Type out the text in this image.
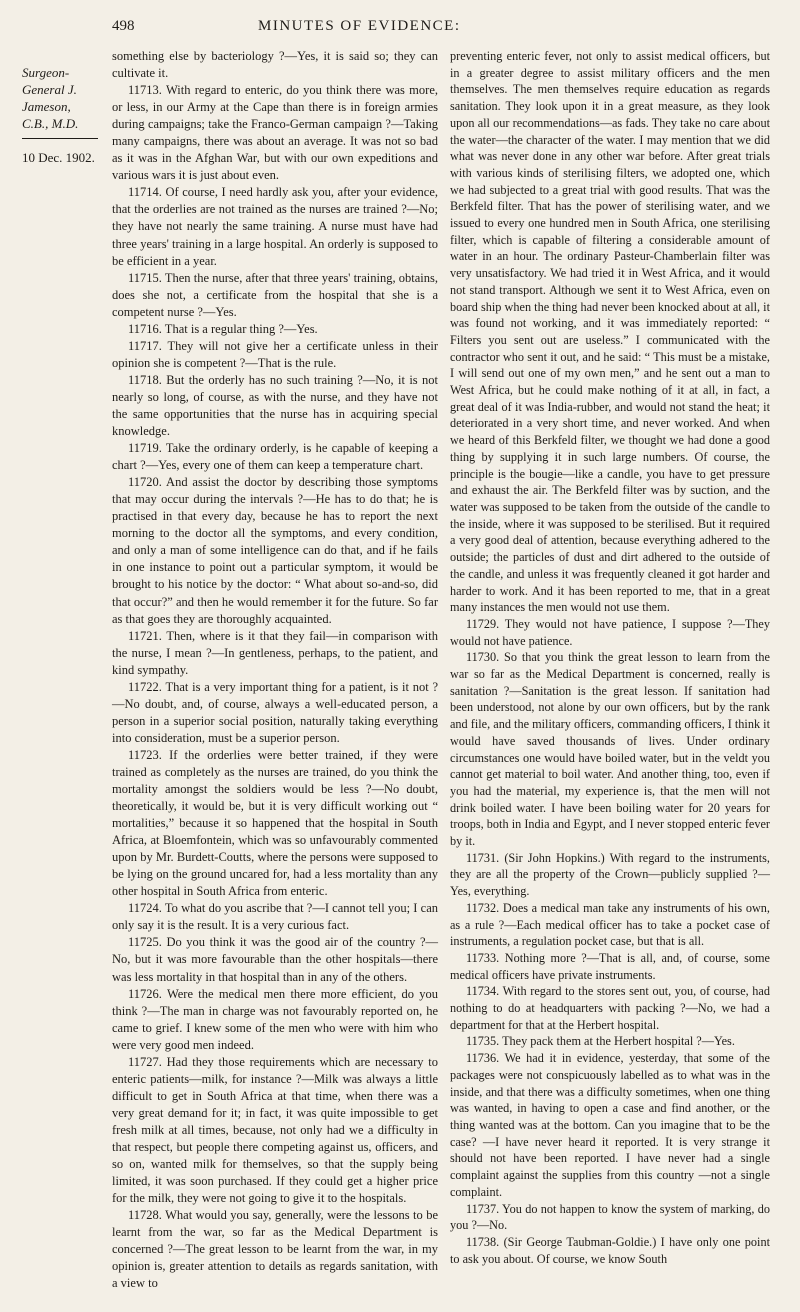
498	MINUTES OF EVIDENCE:
Surgeon-
General J.
Jameson,
C.B., M.D.
10 Dec. 1902.

something else by bacteriology ?—Yes, it is said so; they can cultivate it.

11713. With regard to enteric, do you think there was more, or less, in our Army at the Cape than there is in foreign armies during campaigns; take the Franco-German campaign ?—Taking many campaigns, there was about an average. It was not so bad as it was in the Afghan War, but with our own expeditions and various wars it is just about even.

11714. Of course, I need hardly ask you, after your evidence, that the orderlies are not trained as the nurses are trained ?—No; they have not nearly the same training. A nurse must have had three years' training in a large hospital. An orderly is supposed to be efficient in a year.

11715. Then the nurse, after that three years' training, obtains, does she not, a certificate from the hospital that she is a competent nurse ?—Yes.

11716. That is a regular thing ?—Yes.

11717. They will not give her a certificate unless in their opinion she is competent ?—That is the rule.

11718. But the orderly has no such training ?—No, it is not nearly so long, of course, as with the nurse, and they have not the same opportunities that the nurse has in acquiring special knowledge.

11719. Take the ordinary orderly, is he capable of keeping a chart ?—Yes, every one of them can keep a temperature chart.

11720. And assist the doctor by describing those symptoms that may occur during the intervals ?—He has to do that; he is practised in that every day, because he has to report the next morning to the doctor all the symptoms, and every condition, and only a man of some intelligence can do that, and if he fails in one instance to point out a particular symptom, it would be brought to his notice by the doctor: “ What about so-and-so, did that occur?” and then he would remember it for the future. So far as that goes they are thoroughly acquainted.

11721. Then, where is it that they fail—in comparison with the nurse, I mean ?—In gentleness, perhaps, to the patient, and kind sympathy.

11722. That is a very important thing for a patient, is it not ?—No doubt, and, of course, always a well-educated person, a person in a superior social position, naturally taking everything into consideration, must be a superior person.

11723. If the orderlies were better trained, if they were trained as completely as the nurses are trained, do you think the mortality amongst the soldiers would be less ?—No doubt, theoretically, it would be, but it is very difficult working out “ mortalities,” because it so happened that the hospital in South Africa, at Bloemfontein, which was so unfavourably commented upon by Mr. Burdett-Coutts, where the persons were supposed to be lying on the ground uncared for, had a less mortality than any other hospital in South Africa from enteric.

11724. To what do you ascribe that ?—I cannot tell you; I can only say it is the result. It is a very curious fact.

11725. Do you think it was the good air of the country ?—No, but it was more favourable than the other hospitals—there was less mortality in that hospital than in any of the others.

11726. Were the medical men there more efficient, do you think ?—The man in charge was not favourably reported on, he came to grief. I knew some of the men who were with him who were very good men indeed.

11727. Had they those requirements which are necessary to enteric patients—milk, for instance ?—Milk was always a little difficult to get in South Africa at that time, when there was a very great demand for it; in fact, it was quite impossible to get fresh milk at all times, because, not only had we a difficulty in that respect, but people there competing against us, officers, and so on, wanted milk for themselves, so that the supply being limited, it was soon purchased. If they could get a higher price for the milk, they were not going to give it to the hospitals.

11728. What would you say, generally, were the lessons to be learnt from the war, so far as the Medical Department is concerned ?—The great lesson to be learnt from the war, in my opinion is, greater attention to details as regards sanitation, with a view to

preventing enteric fever, not only to assist medical officers, but in a greater degree to assist military officers and the men themselves. The men themselves require education as regards sanitation. They look upon it in a great measure, as they look upon all our recommendations—as fads. They take no care about the water—the character of the water. I may mention that we did what was never done in any other war before. After great trials with various kinds of sterilising filters, we adopted one, which we had subjected to a great trial with good results. That was the Berkfeld filter. That has the power of sterilising water, and we issued to every one hundred men in South Africa, one sterilising filter, which is capable of filtering a considerable amount of water in an hour. The ordinary Pasteur-Chamberlain filter was very unsatisfactory. We had tried it in West Africa, and it would not stand transport. Although we sent it to West Africa, even on board ship when the thing had never been knocked about at all, it was found not working, and it was immediately reported: “ Filters you sent out are useless.” I communicated with the contractor who sent it out, and he said: “ This must be a mistake, I will send out one of my own men,” and he sent out a man to West Africa, but he could make nothing of it at all, in fact, a great deal of it was India-rubber, and would not stand the heat; it deteriorated in a very short time, and never worked. And when we heard of this Berkfeld filter, we thought we had done a good thing by supplying it in such large numbers. Of course, the principle is the bougie—like a candle, you have to get pressure and exhaust the air. The Berkfeld filter was by suction, and the water was supposed to be taken from the outside of the candle to the inside, where it was supposed to be sterilised. But it required a very good deal of attention, because everything adhered to the outside; the particles of dust and dirt adhered to the outside of the candle, and unless it was frequently cleaned it got harder and harder to work. And it has been reported to me, that in a great many instances the men would not use them.

11729. They would not have patience, I suppose ?—They would not have patience.

11730. So that you think the great lesson to learn from the war so far as the Medical Department is concerned, really is sanitation ?—Sanitation is the great lesson. If sanitation had been understood, not alone by our own officers, but by the rank and file, and the military officers, commanding officers, I think it would have saved thousands of lives. Under ordinary circumstances one would have boiled water, but in the veldt you cannot get material to boil water. And another thing, too, even if you had the material, my experience is, that the men will not drink boiled water. I have been boiling water for 20 years for troops, both in India and Egypt, and I never stopped enteric fever by it.

11731. (Sir John Hopkins.) With regard to the instruments, they are all the property of the Crown—publicly supplied ?—Yes, everything.

11732. Does a medical man take any instruments of his own, as a rule ?—Each medical officer has to take a pocket case of instruments, a regulation pocket case, but that is all.

11733. Nothing more ?—That is all, and, of course, some medical officers have private instruments.

11734. With regard to the stores sent out, you, of course, had nothing to do at headquarters with packing ?—No, we had a department for that at the Herbert hospital.

11735. They pack them at the Herbert hospital ?—Yes.

11736. We had it in evidence, yesterday, that some of the packages were not conspicuously labelled as to what was in the inside, and that there was a difficulty sometimes, when one thing was wanted, in having to open a case and find another, or the thing wanted was at the bottom. Can you imagine that to be the case? —I have never heard it reported. It is very strange it should not have been reported. I have never had a single complaint against the supplies from this country —not a single complaint.

11737. You do not happen to know the system of marking, do you ?—No.

11738. (Sir George Taubman-Goldie.) I have only one point to ask you about. Of course, we know South
